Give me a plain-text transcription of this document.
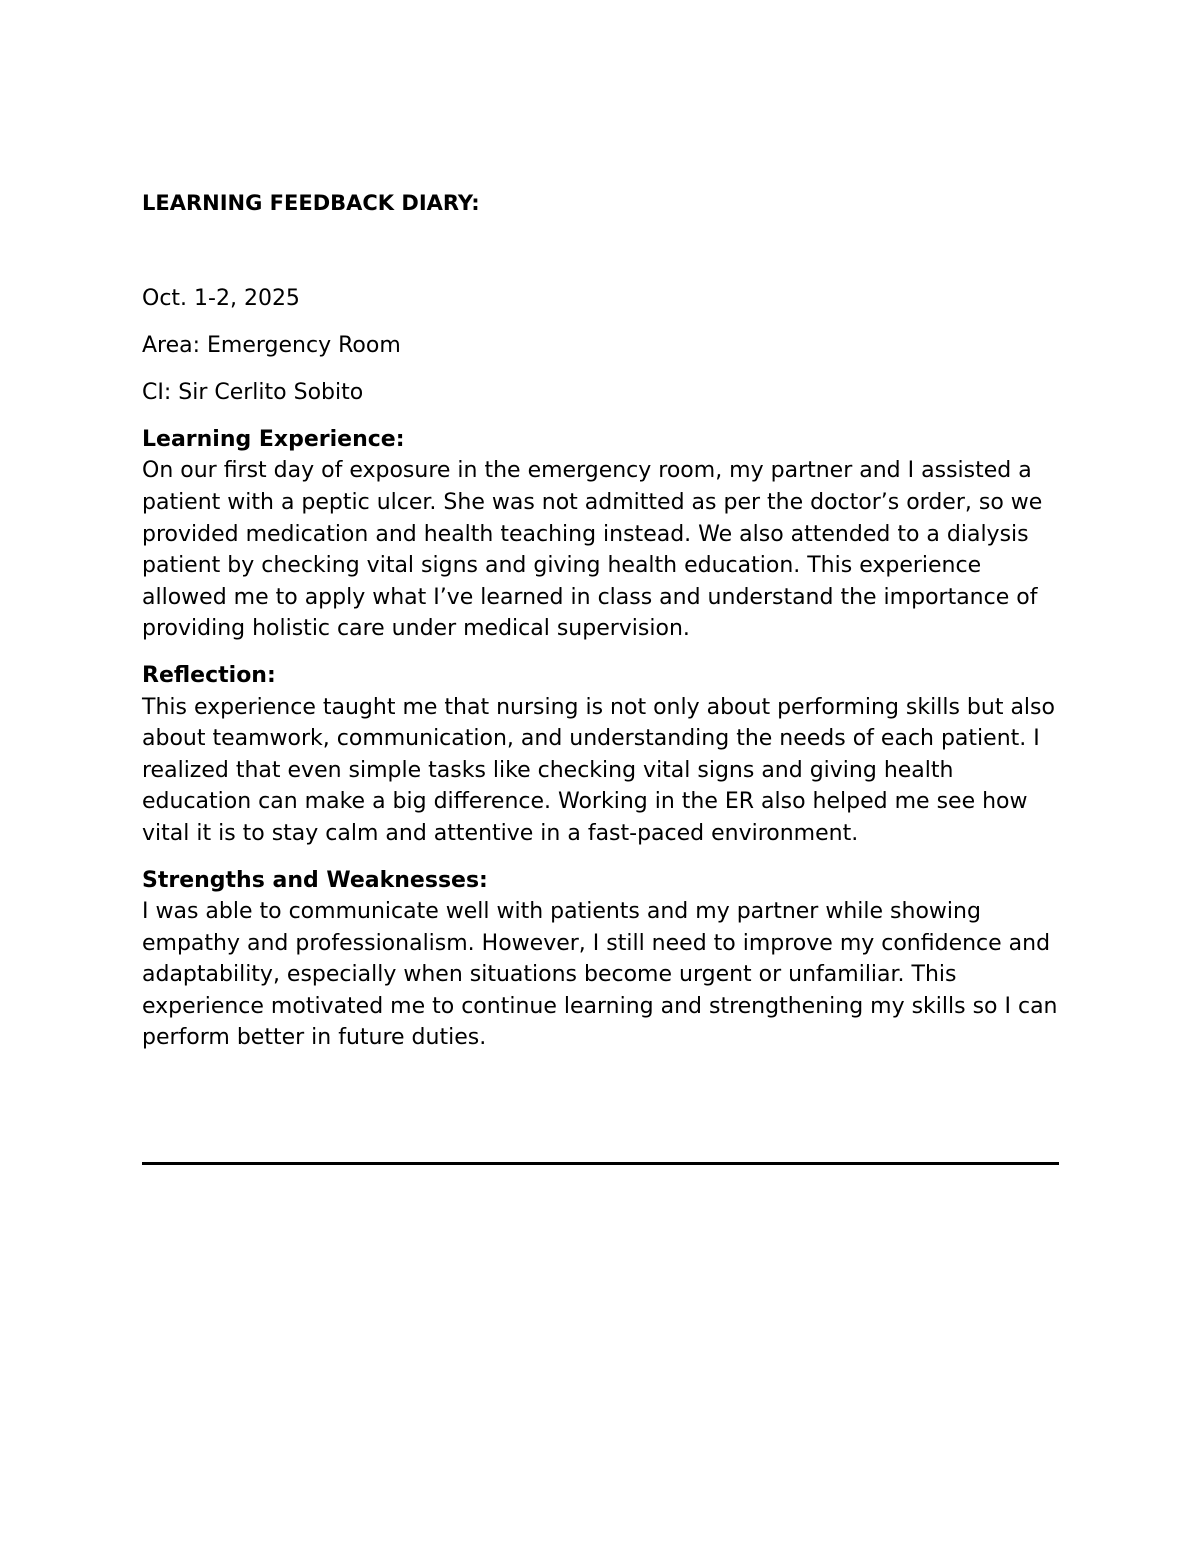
LEARNING FEEDBACK DIARY:

Oct. 1-2, 2025

Area: Emergency Room

CI: Sir Cerlito Sobito

Learning Experience:

On our first day of exposure in the emergency room, my partner and I assisted a patient with a peptic ulcer. She was not admitted as per the doctor’s order, so we provided medication and health teaching instead. We also attended to a dialysis patient by checking vital signs and giving health education. This experience allowed me to apply what I’ve learned in class and understand the importance of providing holistic care under medical supervision.

Reflection:

This experience taught me that nursing is not only about performing skills but also about teamwork, communication, and understanding the needs of each patient. I realized that even simple tasks like checking vital signs and giving health education can make a big difference. Working in the ER also helped me see how vital it is to stay calm and attentive in a fast-paced environment.

Strengths and Weaknesses:

I was able to communicate well with patients and my partner while showing empathy and professionalism. However, I still need to improve my confidence and adaptability, especially when situations become urgent or unfamiliar. This experience motivated me to continue learning and strengthening my skills so I can perform better in future duties.
